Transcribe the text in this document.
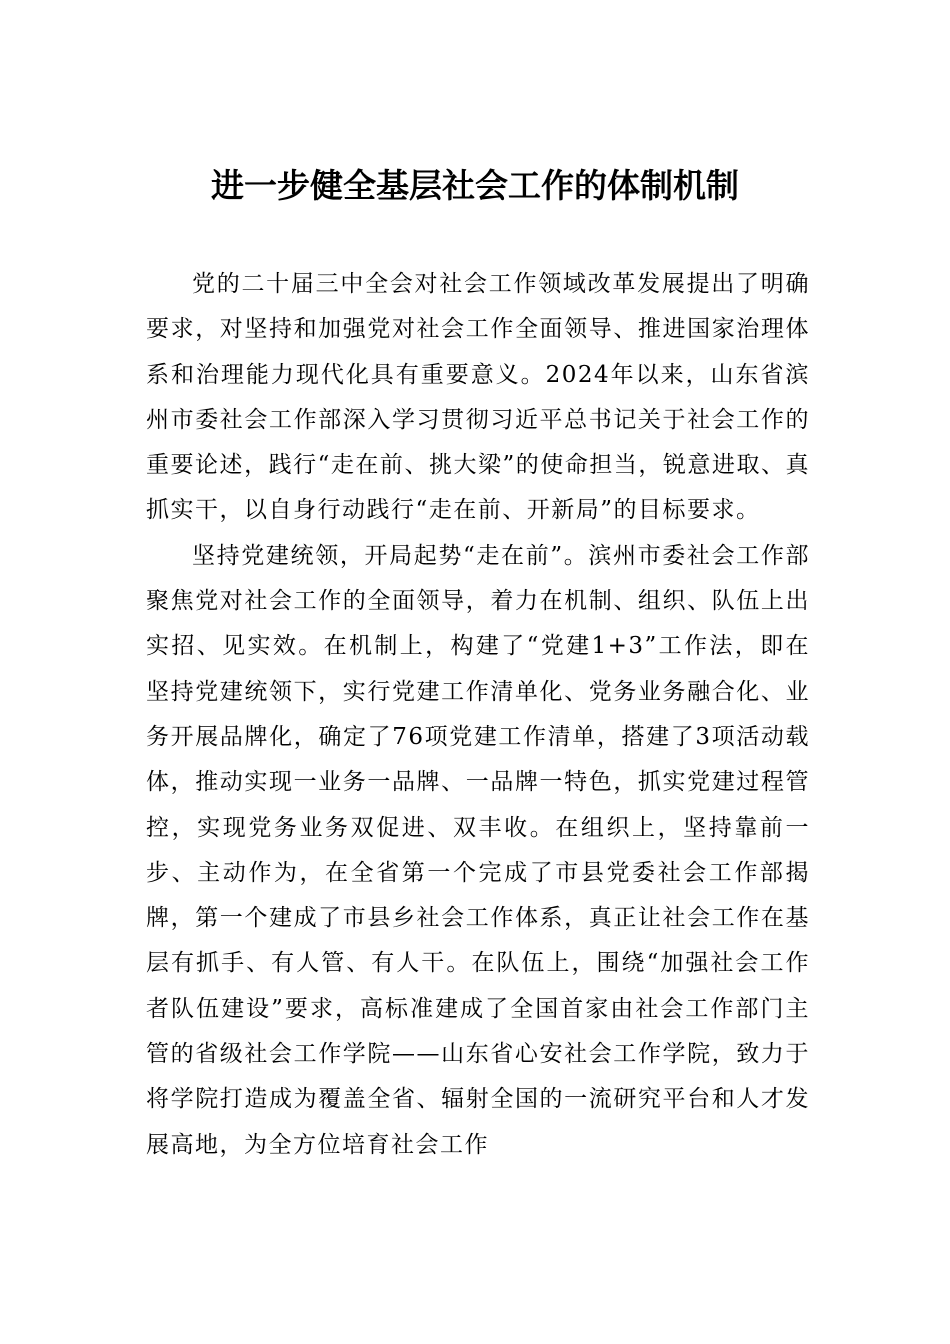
进一步健全基层社会工作的体制机制

党的二十届三中全会对社会工作领域改革发展提出了明确要求，对坚持和加强党对社会工作全面领导、推进国家治理体系和治理能力现代化具有重要意义。2024年以来，山东省滨州市委社会工作部深入学习贯彻习近平总书记关于社会工作的重要论述，践行“走在前、挑大梁”的使命担当，锐意进取、真抓实干，以自身行动践行“走在前、开新局”的目标要求。

坚持党建统领，开局起势“走在前”。滨州市委社会工作部聚焦党对社会工作的全面领导，着力在机制、组织、队伍上出实招、见实效。在机制上，构建了“党建1+3”工作法，即在坚持党建统领下，实行党建工作清单化、党务业务融合化、业务开展品牌化，确定了76项党建工作清单，搭建了3项活动载体，推动实现一业务一品牌、一品牌一特色，抓实党建过程管控，实现党务业务双促进、双丰收。在组织上，坚持靠前一步、主动作为，在全省第一个完成了市县党委社会工作部揭牌，第一个建成了市县乡社会工作体系，真正让社会工作在基层有抓手、有人管、有人干。在队伍上，围绕“加强社会工作者队伍建设”要求，高标准建成了全国首家由社会工作部门主管的省级社会工作学院——山东省心安社会工作学院，致力于将学院打造成为覆盖全省、辐射全国的一流研究平台和人才发展高地，为全方位培育社会工作
